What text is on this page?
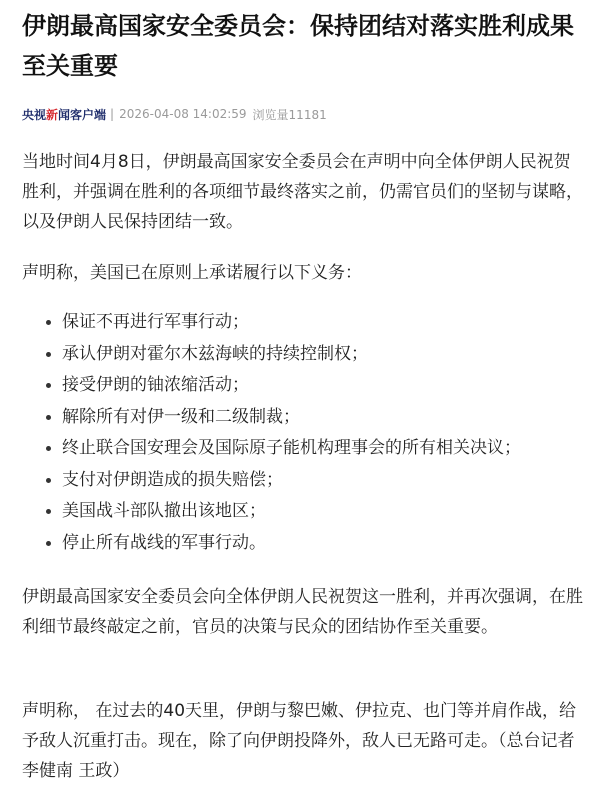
伊朗最高国家安全委员会：保持团结对落实胜利成果至关重要
央视新闻客户端 | 2026-04-08 14:02:59 浏览量11181

当地时间4月8日，伊朗最高国家安全委员会在声明中向全体伊朗人民祝贺胜利，并强调在胜利的各项细节最终落实之前，仍需官员们的坚韧与谋略，以及伊朗人民保持团结一致。

声明称，美国已在原则上承诺履行以下义务：

保证不再进行军事行动；
承认伊朗对霍尔木兹海峡的持续控制权；
接受伊朗的铀浓缩活动；
解除所有对伊一级和二级制裁；
终止联合国安理会及国际原子能机构理事会的所有相关决议；
支付对伊朗造成的损失赔偿；
美国战斗部队撤出该地区；
停止所有战线的军事行动。

伊朗最高国家安全委员会向全体伊朗人民祝贺这一胜利，并再次强调，在胜利细节最终敲定之前，官员的决策与民众的团结协作至关重要。

声明称， 在过去的40天里，伊朗与黎巴嫩、伊拉克、也门等并肩作战，给予敌人沉重打击。现在，除了向伊朗投降外，敌人已无路可走。（总台记者 李健南 王政）
